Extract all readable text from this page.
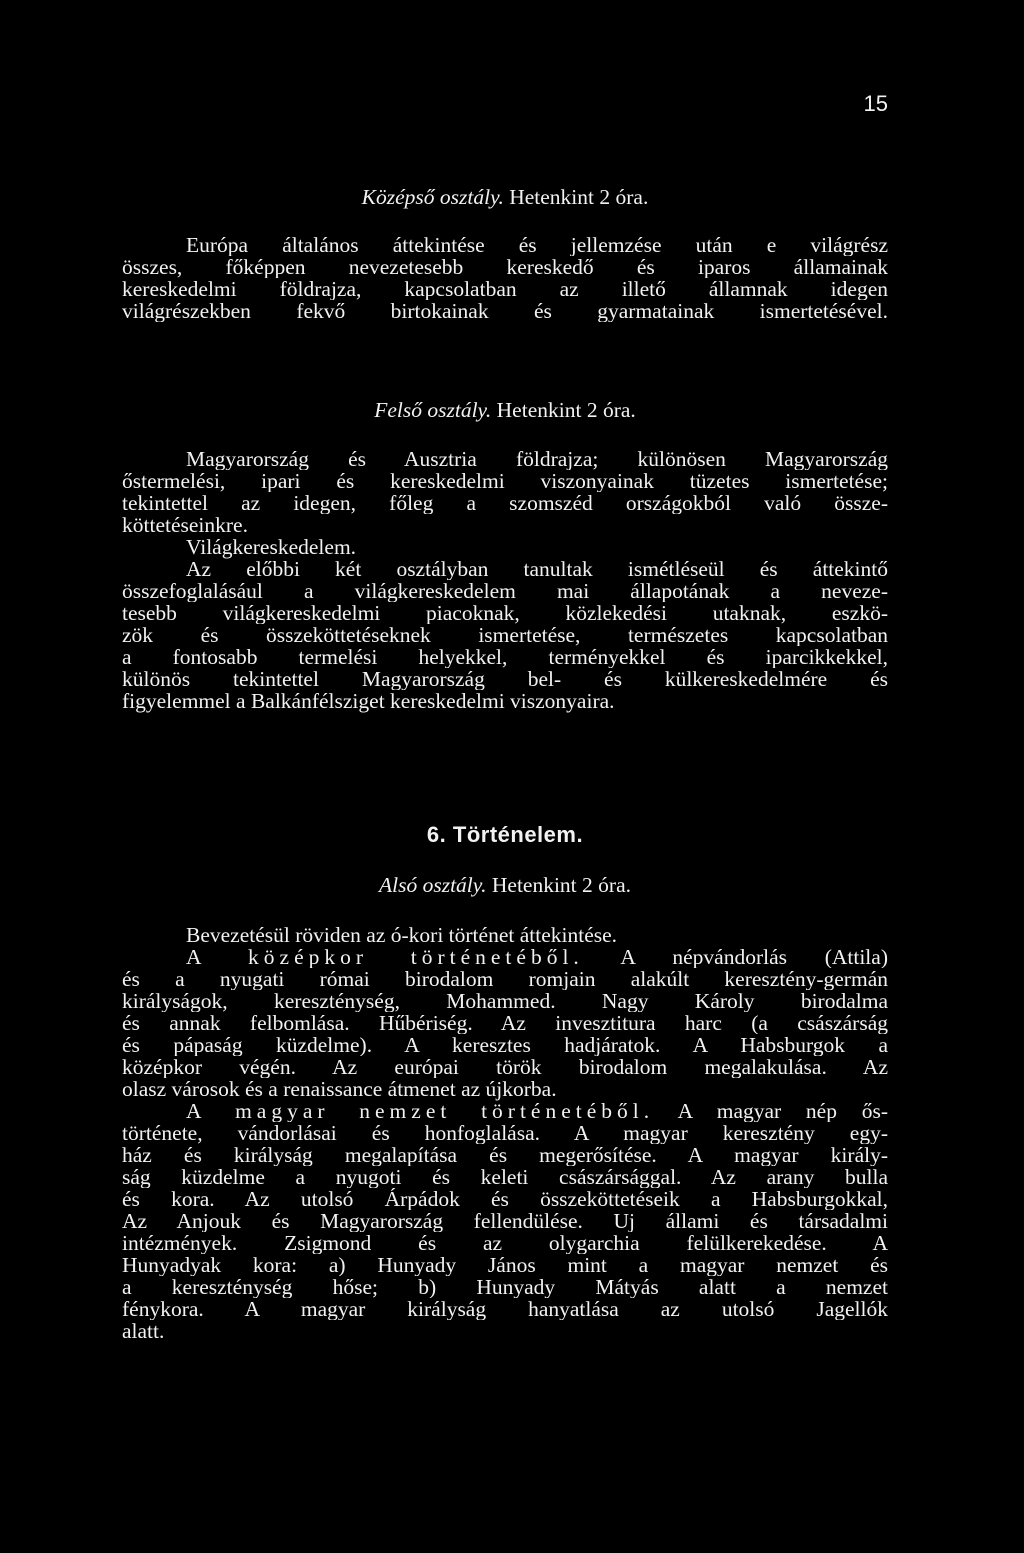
15
Középső osztály. Hetenkint 2 óra.
Európa általános áttekintése és jellemzése után e világrész
összes, főképpen nevezetesebb kereskedő és iparos államainak
kereskedelmi földrajza, kapcsolatban az illető államnak idegen
világrészekben fekvő birtokainak és gyarmatainak ismertetésével.
Felső osztály. Hetenkint 2 óra.
Magyarország és Ausztria földrajza; különösen Magyarország
őstermelési, ipari és kereskedelmi viszonyainak tüzetes ismertetése;
tekintettel az idegen, főleg a szomszéd országokból való össze-
köttetéseinkre.
Világkereskedelem.
Az előbbi két osztályban tanultak ismétléseül és áttekintő
összefoglalásául a világkereskedelem mai állapotának a neveze-
tesebb világkereskedelmi piacoknak, közlekedési utaknak, eszkö-
zök és összeköttetéseknek ismertetése, természetes kapcsolatban
a fontosabb termelési helyekkel, terményekkel és iparcikkekkel,
különös tekintettel Magyarország bel- és külkereskedelmére és
figyelemmel a Balkánfélsziget kereskedelmi viszonyaira.
6. Történelem.
Alsó osztály. Hetenkint 2 óra.
Bevezetésül röviden az ó-kori történet áttekintése.
A középkor történetéből. A népvándorlás (Attila)
és a nyugati római birodalom romjain alakúlt keresztény-germán
királyságok, kereszténység, Mohammed. Nagy Károly birodalma
és annak felbomlása. Hűbériség. Az invesztitura harc (a császárság
és pápaság küzdelme). A keresztes hadjáratok. A Habsburgok a
középkor végén. Az európai török birodalom megalakulása. Az
olasz városok és a renaissance átmenet az újkorba.
A magyar nemzet történetéből. A magyar nép ős-
története, vándorlásai és honfoglalása. A magyar keresztény egy-
ház és királyság megalapítása és megerősítése. A magyar király-
ság küzdelme a nyugoti és keleti császársággal. Az arany bulla
és kora. Az utolsó Árpádok és összeköttetéseik a Habsburgokkal,
Az Anjouk és Magyarország fellendülése. Uj állami és társadalmi
intézmények. Zsigmond és az olygarchia felülkerekedése. A
Hunyadyak kora: a) Hunyady János mint a magyar nemzet és
a kereszténység hőse; b) Hunyady Mátyás alatt a nemzet
fénykora. A magyar királyság hanyatlása az utolsó Jagellók
alatt.
